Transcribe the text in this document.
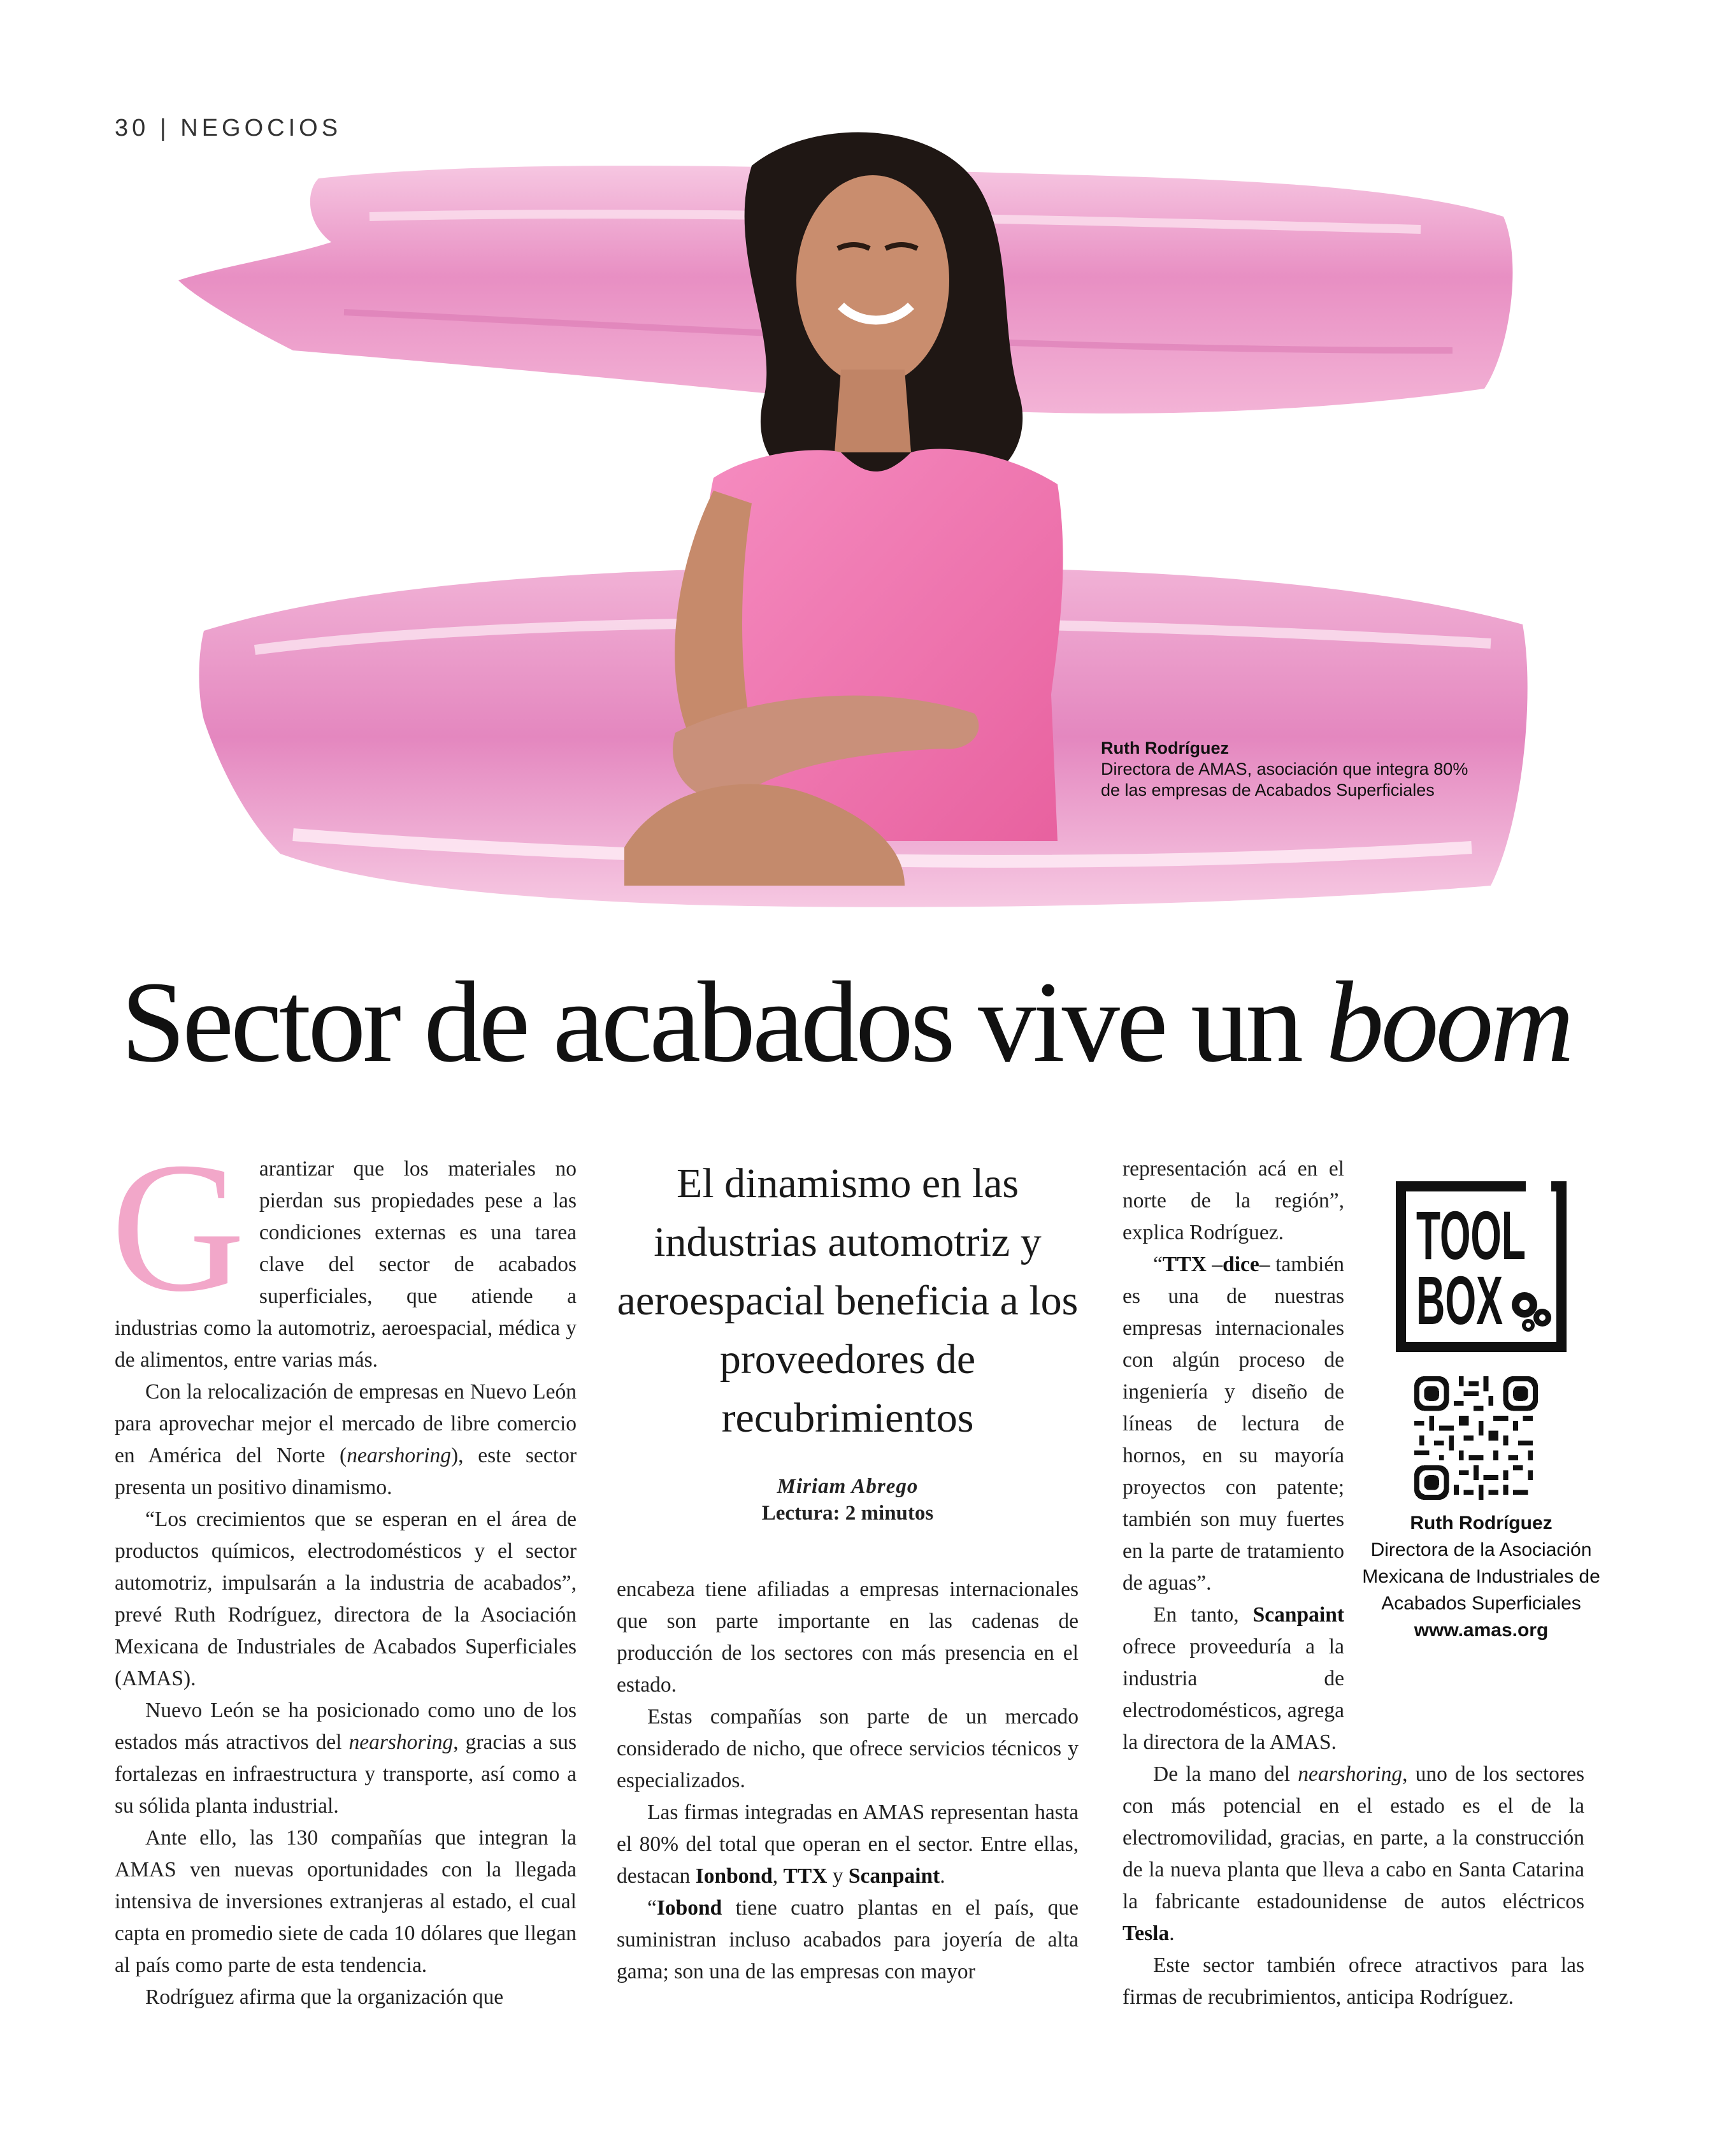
30 | NEGOCIOS
Ruth Rodríguez
Directora de AMAS, asociación que integra 80%
de las empresas de Acabados Superficiales
Sector de acabados vive un boom

Garantizar que los materiales no pierdan sus propiedades pese a las condiciones externas es una tarea clave del sector de acabados superficiales, que atiende a industrias como la automotriz, aeroespacial, médica y de alimentos, entre varias más.

Con la relocalización de empresas en Nuevo León para aprovechar mejor el mercado de libre comercio en América del Norte (nearshoring), este sector presenta un positivo dinamismo.

“Los crecimientos que se esperan en el área de productos químicos, electrodomésticos y el sector automotriz, impulsarán a la industria de acabados”, prevé Ruth Rodríguez, directora de la Asociación Mexicana de Industriales de Acabados Superficiales (AMAS).

Nuevo León se ha posicionado como uno de los estados más atractivos del nearshoring, gracias a sus fortalezas en infraestructura y transporte, así como a su sólida planta industrial.

Ante ello, las 130 compañías que integran la AMAS ven nuevas oportunidades con la llegada intensiva de inversiones extranjeras al estado, el cual capta en promedio siete de cada 10 dólares que llegan al país como parte de esta tendencia.

Rodríguez afirma que la organización que

El dinamismo en las industrias automotriz y aeroespacial beneficia a los proveedores de recubrimientos
Miriam Abrego
Lectura: 2 minutos

encabeza tiene afiliadas a empresas internacionales que son parte importante en las cadenas de producción de los sectores con más presencia en el estado.

Estas compañías son parte de un mercado considerado de nicho, que ofrece servicios técnicos y especializados.

Las firmas integradas en AMAS representan hasta el 80% del total que operan en el sector. Entre ellas, destacan Ionbond, TTX y Scanpaint.

“Iobond tiene cuatro plantas en el país, que suministran incluso acabados para joyería de alta gama; son una de las empresas con mayor

representación acá en el norte de la región”, explica Rodríguez.

“TTX –dice– también es una de nuestras empresas internacionales con algún proceso de ingeniería y diseño de líneas de lectura de hornos, en su mayoría proyectos con patente; también son muy fuertes en la parte de tratamiento de aguas”.

En tanto, Scanpaint ofrece proveeduría a la industria de electrodomésticos, agrega la directora de la AMAS.

De la mano del nearshoring, uno de los sectores con más potencial en el estado es el de la electromovilidad, gracias, en parte, a la construcción de la nueva planta que lleva a cabo en Santa Catarina la fabricante estadounidense de autos eléctricos Tesla.

Este sector también ofrece atractivos para las firmas de recubrimientos, anticipa Rodríguez.

TOOL
BOX
Ruth Rodríguez
Directora de la Asociación Mexicana de Industriales de Acabados Superficiales
www.amas.org
